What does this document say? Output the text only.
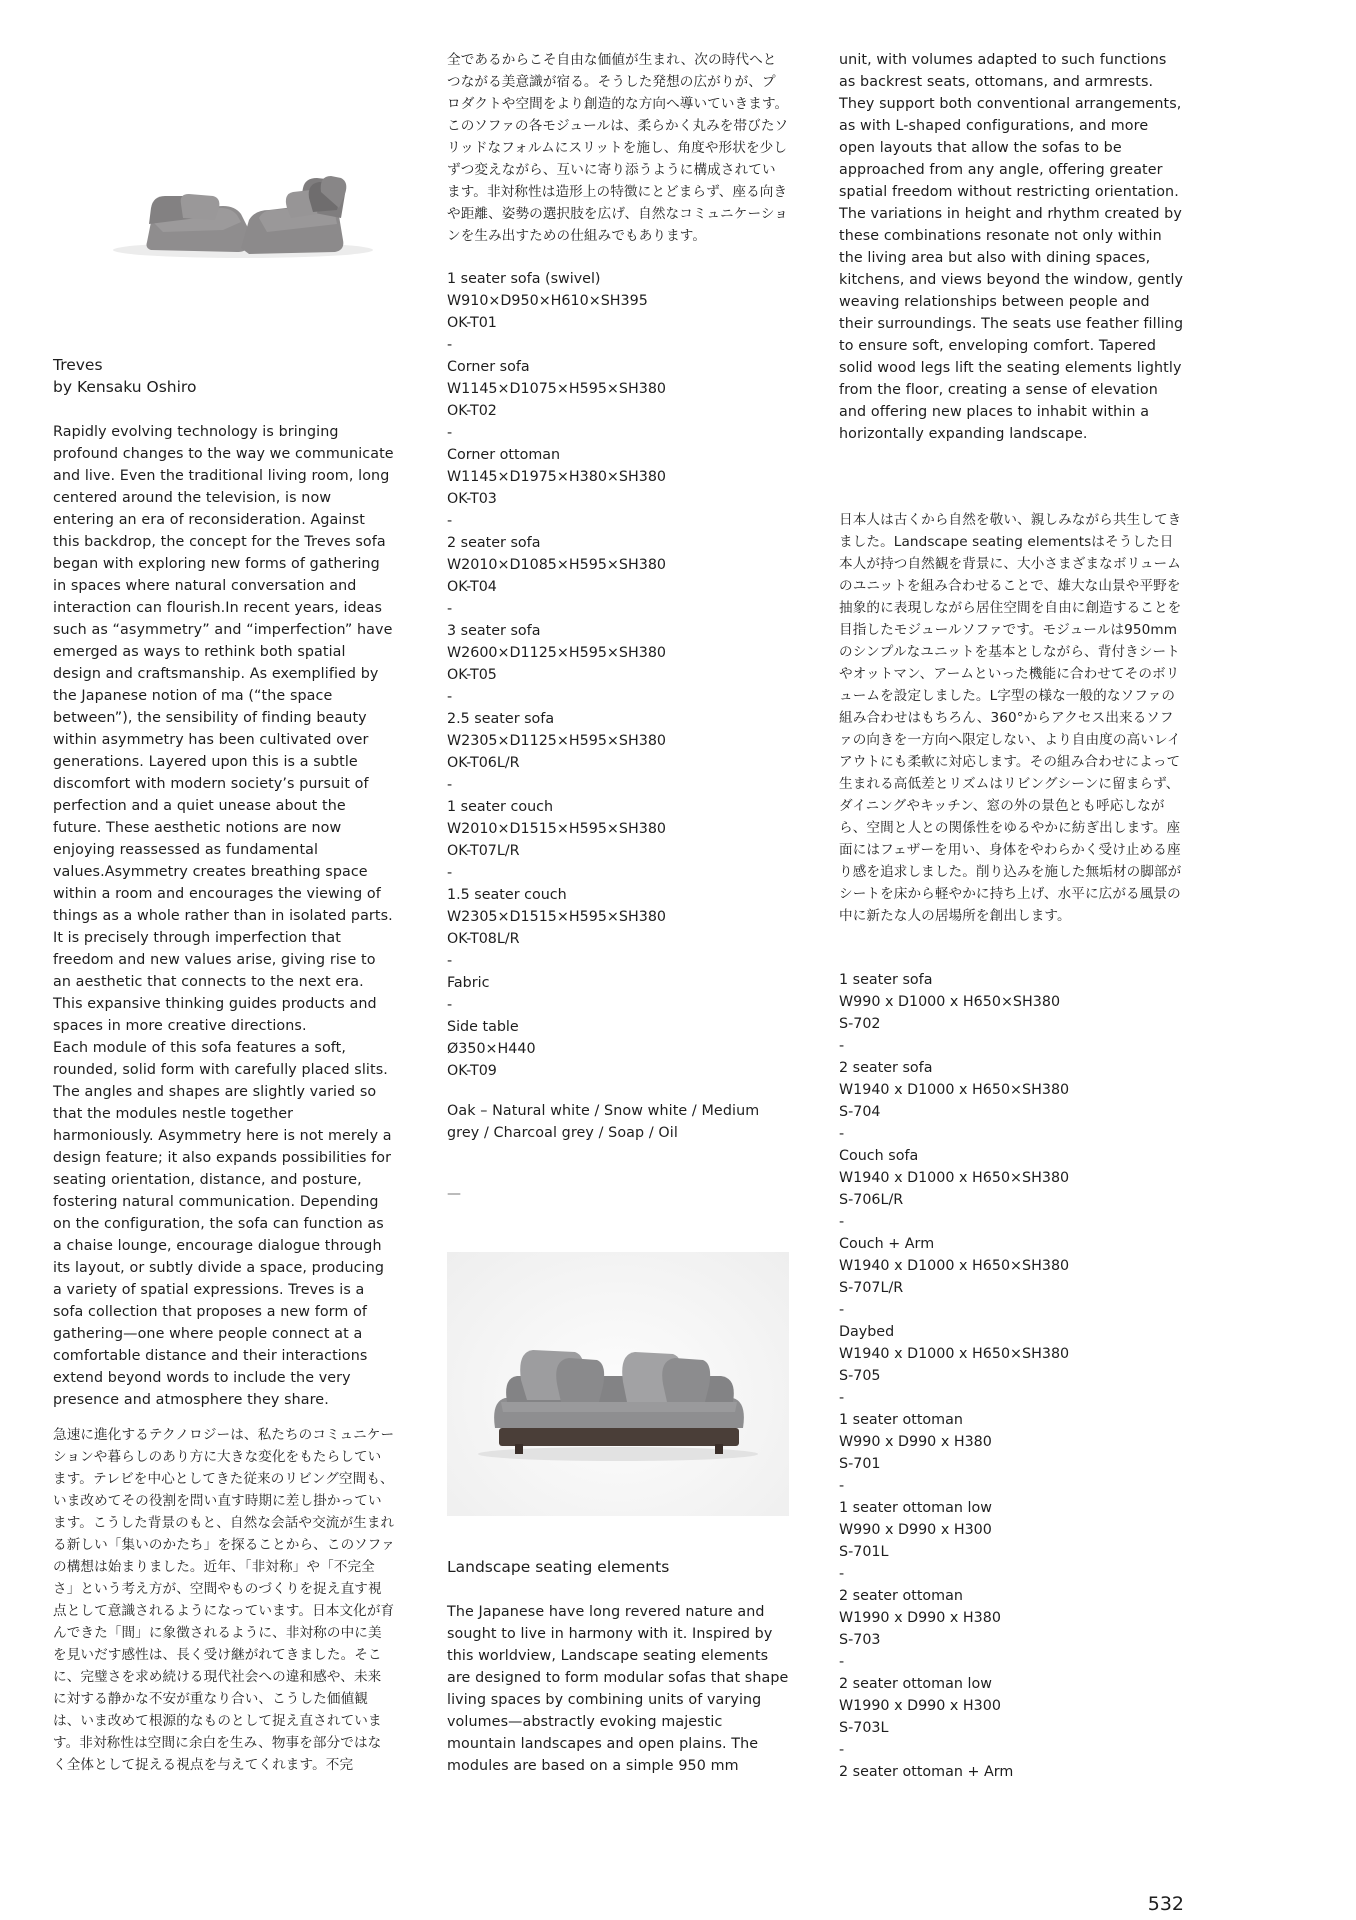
Treves
by Kensaku Oshiro

Rapidly evolving technology is bringing profound changes to the way we communicate and live. Even the traditional living room, long centered around the television, is now entering an era of reconsideration. Against this backdrop, the concept for the Treves sofa began with exploring new forms of gathering in spaces where natural conversation and interaction can flourish.In recent years, ideas such as “asymmetry” and “imperfection” have emerged as ways to rethink both spatial design and craftsmanship. As exemplified by the Japanese notion of ma (“the space between”), the sensibility of finding beauty within asymmetry has been cultivated over generations. Layered upon this is a subtle discomfort with modern society’s pursuit of perfection and a quiet unease about the future. These aesthetic notions are now enjoying reassessed as fundamental values.Asymmetry creates breathing space within a room and encourages the viewing of things as a whole rather than in isolated parts. It is precisely through imperfection that freedom and new values arise, giving rise to an aesthetic that connects to the next era. This expansive thinking guides products and spaces in more creative directions.
Each module of this sofa features a soft, rounded, solid form with carefully placed slits. The angles and shapes are slightly varied so that the modules nestle together harmoniously. Asymmetry here is not merely a design feature; it also expands possibilities for seating orientation, distance, and posture, fostering natural communication. Depending on the configuration, the sofa can function as a chaise lounge, encourage dialogue through its layout, or subtly divide a space, producing a variety of spatial expressions. Treves is a sofa collection that proposes a new form of gathering—one where people connect at a comfortable distance and their interactions extend beyond words to include the very presence and atmosphere they share.

急速に進化するテクノロジーは、私たちのコミュニケーションや暮らしのあり方に大きな変化をもたらしています。テレビを中心としてきた従来のリビング空間も、いま改めてその役割を問い直す時期に差し掛かっています。こうした背景のもと、自然な会話や交流が生まれる新しい「集いのかたち」を探ることから、このソファの構想は始まりました。近年、「非対称」や「不完全さ」という考え方が、空間やものづくりを捉え直す視点として意識されるようになっています。日本文化が育んできた「間」に象徴されるように、非対称の中に美を見いだす感性は、長く受け継がれてきました。そこに、完璧さを求め続ける現代社会への違和感や、未来に対する静かな不安が重なり合い、こうした価値観は、いま改めて根源的なものとして捉え直されています。非対称性は空間に余白を生み、物事を部分ではなく全体として捉える視点を与えてくれます。不完

全であるからこそ自由な価値が生まれ、次の時代へとつながる美意識が宿る。そうした発想の広がりが、プロダクトや空間をより創造的な方向へ導いていきます。このソファの各モジュールは、柔らかく丸みを帯びたソリッドなフォルムにスリットを施し、角度や形状を少しずつ変えながら、互いに寄り添うように構成されています。非対称性は造形上の特徴にとどまらず、座る向きや距離、姿勢の選択肢を広げ、自然なコミュニケーションを生み出すための仕組みでもあります。

1 seater sofa (swivel)
W910×D950×H610×SH395
OK-T01
-
Corner sofa
W1145×D1075×H595×SH380
OK-T02
-
Corner ottoman
W1145×D1975×H380×SH380
OK-T03
-
2 seater sofa
W2010×D1085×H595×SH380
OK-T04
-
3 seater sofa
W2600×D1125×H595×SH380
OK-T05
-
2.5 seater sofa
W2305×D1125×H595×SH380
OK-T06L/R
-
1 seater couch
W2010×D1515×H595×SH380
OK-T07L/R
-
1.5 seater couch
W2305×D1515×H595×SH380
OK-T08L/R
-
Fabric
-
Side table
Ø350×H440
OK-T09

Oak – Natural white / Snow white / Medium grey / Charcoal grey / Soap / Oil

—
Landscape seating elements

The Japanese have long revered nature and sought to live in harmony with it. Inspired by this worldview, Landscape seating elements are designed to form modular sofas that shape living spaces by combining units of varying volumes—abstractly evoking majestic mountain landscapes and open plains. The modules are based on a simple 950 mm

unit, with volumes adapted to such functions as backrest seats, ottomans, and armrests. They support both conventional arrangements, as with L-shaped configurations, and more open layouts that allow the sofas to be approached from any angle, offering greater spatial freedom without restricting orientation.
The variations in height and rhythm created by these combinations resonate not only within the living area but also with dining spaces, kitchens, and views beyond the window, gently weaving relationships between people and their surroundings. The seats use feather filling to ensure soft, enveloping comfort. Tapered solid wood legs lift the seating elements lightly from the floor, creating a sense of elevation and offering new places to inhabit within a horizontally expanding landscape.

日本人は古くから自然を敬い、親しみながら共生してきました。Landscape seating elementsはそうした日本人が持つ自然観を背景に、大小さまざまなボリュームのユニットを組み合わせることで、雄大な山景や平野を抽象的に表現しながら居住空間を自由に創造することを目指したモジュールソファです。モジュールは950mmのシンプルなユニットを基本としながら、背付きシートやオットマン、アームといった機能に合わせてそのボリュームを設定しました。L字型の様な一般的なソファの組み合わせはもちろん、360°からアクセス出来るソファの向きを一方向へ限定しない、より自由度の高いレイアウトにも柔軟に対応します。その組み合わせによって生まれる高低差とリズムはリビングシーンに留まらず、ダイニングやキッチン、窓の外の景色とも呼応しながら、空間と人との関係性をゆるやかに紡ぎ出します。座面にはフェザーを用い、身体をやわらかく受け止める座り感を追求しました。削り込みを施した無垢材の脚部がシートを床から軽やかに持ち上げ、水平に広がる風景の中に新たな人の居場所を創出します。

1 seater sofa
W990 x D1000 x H650×SH380
S-702
-
2 seater sofa
W1940 x D1000 x H650×SH380
S-704
-
Couch sofa
W1940 x D1000 x H650×SH380
S-706L/R
-
Couch + Arm
W1940 x D1000 x H650×SH380
S-707L/R
-
Daybed
W1940 x D1000 x H650×SH380
S-705
-
1 seater ottoman
W990 x D990 x H380
S-701
-
1 seater ottoman low
W990 x D990 x H300
S-701L
-
2 seater ottoman
W1990 x D990 x H380
S-703
-
2 seater ottoman low
W1990 x D990 x H300
S-703L
-
2 seater ottoman + Arm

532
